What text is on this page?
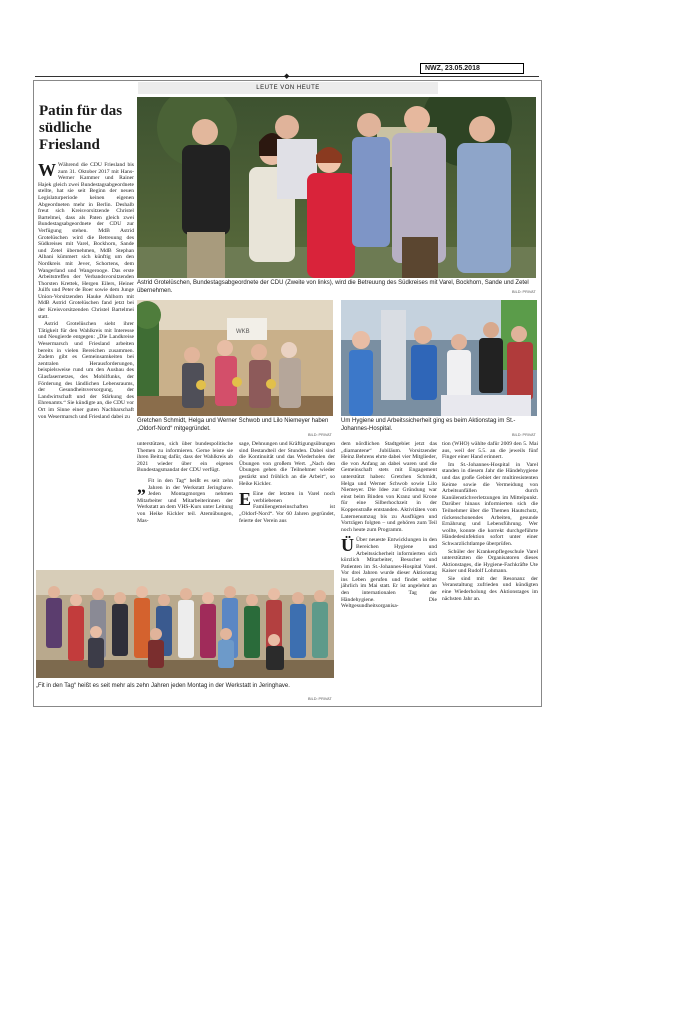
NWZ, 23.05.2018
◆
LEUTE VON HEUTE
Patin für das südliche Friesland

W Während die CDU Friesland bis zum 31. Oktober 2017 mit Hans-Werner Kammer und Rainer Hajek gleich zwei Bundestagsabgeordnete stellte, hat sie seit Beginn der neuen Legislaturperiode keinen eigenen Abgeordneten mehr in Berlin. Deshalb freut sich Kreisvorsitzende Christel Bartelmei, dass als Paten gleich zwei Bundestagsabgeordnete der CDU zur Verfügung stehen. MdB Astrid Grotelüschen wird die Betreuung des Südkreises mit Varel, Bockhorn, Sande und Zetel übernehmen, MdB Stephan Albani kümmert sich künftig um den Nordkreis mit Jever, Schortens, dem Wangerland und Wangerooge. Das erste Arbeitstreffen der Verbandsvorsitzenden Thorsten Krettek, Hergen Eilers, Heiner Juilfs und Peter de Boer sowie dem Junge Union-Vorsitzenden Hauke Ahlhorn mit MdB Astrid Grotelüschen fand jetzt bei der Kreisvorsitzenden Christel Bartelmei statt.

Astrid Grotelüschen sieht ihrer Tätigkeit für den Wahlkreis mit Interesse und Neugierde entgegen: „Die Landkreise Wesermarsch und Friesland arbeiten bereits in vielen Bereichen zusammen. Zudem gibt es Gemeinsamkeiten bei zentralen Herausforderungen, beispielsweise rund um den Ausbau des Glasfasernetzes, des Mobilfunks, der Förderung des ländlichen Lebensraums, der Gesundheitsversorgung, der Landwirtschaft und der Stärkung des Ehrenamts.“ Sie kündigte an, die CDU vor Ort im Sinne einer guten Nachbarschaft von Wesermarsch und Friesland dabei zu

Astrid Grotelüschen, Bundestagsabgeordnete der CDU (Zweite von links), wird die Betreuung des Südkreises mit Varel, Bockhorn, Sande und Zetel übernehmen.	BILD: PRIVAT
WKB
Gretchen Schmidt, Helga und Werner Schwob und Lilo Niemeyer haben „Oldorf-Nord“ mitgegründet.
BILD: PRIVAT
Um Hygiene und Arbeitssicherheit ging es beim Aktionstag im St.-Johannes-Hospital.
BILD: PRIVAT

unterstützen, sich über bundespolitische Themen zu informieren. Gerne leiste sie ihren Beitrag dafür, dass der Wahlkreis ab 2021 wieder über ein eigenes Bundestagsmandat der CDU verfügt.

„ Fit in den Tag“ heißt es seit zehn Jahren in der Werkstatt Jeringhave. Jeden Montagmorgen nehmen Mitarbeiter und Mitarbeiterinnen der Werkstatt an dem VHS-Kurs unter Leitung von Heike Kickler teil. Atemübungen, Mas-

sage, Dehnungen und Kräftigungsübungen sind Bestandteil der Stunden. Dabei sind die Kontinuität und das Wiederholen der Übungen von großem Wert. „Nach den Übungen gehen die Teilnehmer wieder gestärkt und fröhlich an die Arbeit“, so Heike Kickler.

E Eine der letzten in Varel noch verbliebenen Familiengemeinschaften ist „Oldorf-Nord“. Vor 60 Jahren gegründet, feierte der Verein aus

dem nördlichen Stadtgebiet jetzt das „diamantene“ Jubiläum. Vorsitzender Heinz Behrens ehrte dabei vier Mitglieder, die von Anfang an dabei waren und die Gemeinschaft stets mit Engagement unterstützt haben: Gretchen Schmidt, Helga und Werner Schwob sowie Lilo Niemeyer. Die Idee zur Gründung war einst beim Binden von Kranz und Krone für eine Silberhochzeit in der Koppenstraße entstanden. Aktivitäten vom Laternenumzug bis zu Ausflügen und Vorträgen folgten – und gehören zum Teil noch heute zum Programm.

Ü Über neueste Entwicklungen in den Bereichen Hygiene und Arbeitssicherheit informierten sich kürzlich Mitarbeiter, Besucher und Patienten im St.-Johannes-Hospital Varel. Vor drei Jahren wurde dieser Aktionstag ins Leben gerufen und findet seither jährlich im Mai statt. Er ist angelehnt an den internationalen Tag der Händehygiene. Die Weltgesundheitsorganisa-

tion (WHO) wählte dafür 2009 den 5. Mai aus, weil der 5.5. an die jeweils fünf Finger einer Hand erinnert.

Im St.-Johannes-Hospital in Varel standen in diesem Jahr die Händehygiene und das große Gebiet der multiresistenten Keime sowie die Vermeidung von Arbeitsunfällen durch Kanülenstichverletzungen im Mittelpunkt. Darüber hinaus informierten sich die Teilnehmer über die Themen Hautschutz, rückenschonendes Arbeiten, gesunde Ernährung und Lebensführung. Wer wollte, konnte die korrekt durchgeführte Händedesinfektion sofort unter einer Schwarzlichtlampe überprüfen.

Schüler der Krankenpflegeschule Varel unterstützten die Organisatoren dieses Aktionstages, die Hygiene-Fachkräfte Ute Kaiser und Rudolf Lohmann.

Sie sind mit der Resonanz der Veranstaltung zufrieden und kündigten eine Wiederholung des Aktionstages im nächsten Jahr an.

„Fit in den Tag“ heißt es seit mehr als zehn Jahren jeden Montag in der Werkstatt in Jeringhave.
BILD: PRIVAT
